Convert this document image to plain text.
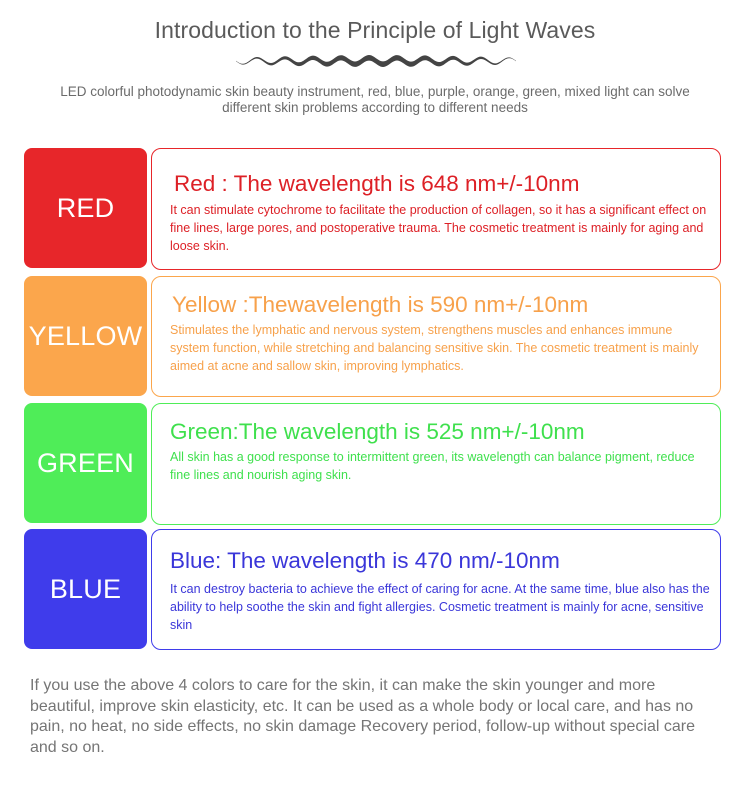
Introduction to the Principle of Light Waves
LED colorful photodynamic skin beauty instrument, red, blue, purple, orange, green, mixed light can solve different skin problems according to different needs
RED
Red : The wavelength is 648 nm+/-10nm
It can stimulate cytochrome to facilitate the production of collagen, so it has a significant effect on fine lines, large pores, and postoperative trauma. The cosmetic treatment is mainly for aging and loose skin.
YELLOW
Yellow :Thewavelength is 590 nm+/-10nm
Stimulates the lymphatic and nervous system, strengthens muscles and enhances immune system function, while stretching and balancing sensitive skin. The cosmetic treatment is mainly aimed at acne and sallow skin, improving lymphatics.
GREEN
Green:The wavelength is 525 nm+/-10nm
All skin has a good response to intermittent green, its wavelength can balance pigment, reduce fine lines and nourish aging skin.
BLUE
Blue: The wavelength is 470 nm/-10nm
It can destroy bacteria to achieve the effect of caring for acne. At the same time, blue also has the ability to help soothe the skin and fight allergies. Cosmetic treatment is mainly for acne, sensitive skin
If you use the above 4 colors to care for the skin, it can make the skin younger and more beautiful, improve skin elasticity, etc. It can be used as a whole body or local care, and has no pain, no heat, no side effects, no skin damage Recovery period, follow-up without special care and so on.
